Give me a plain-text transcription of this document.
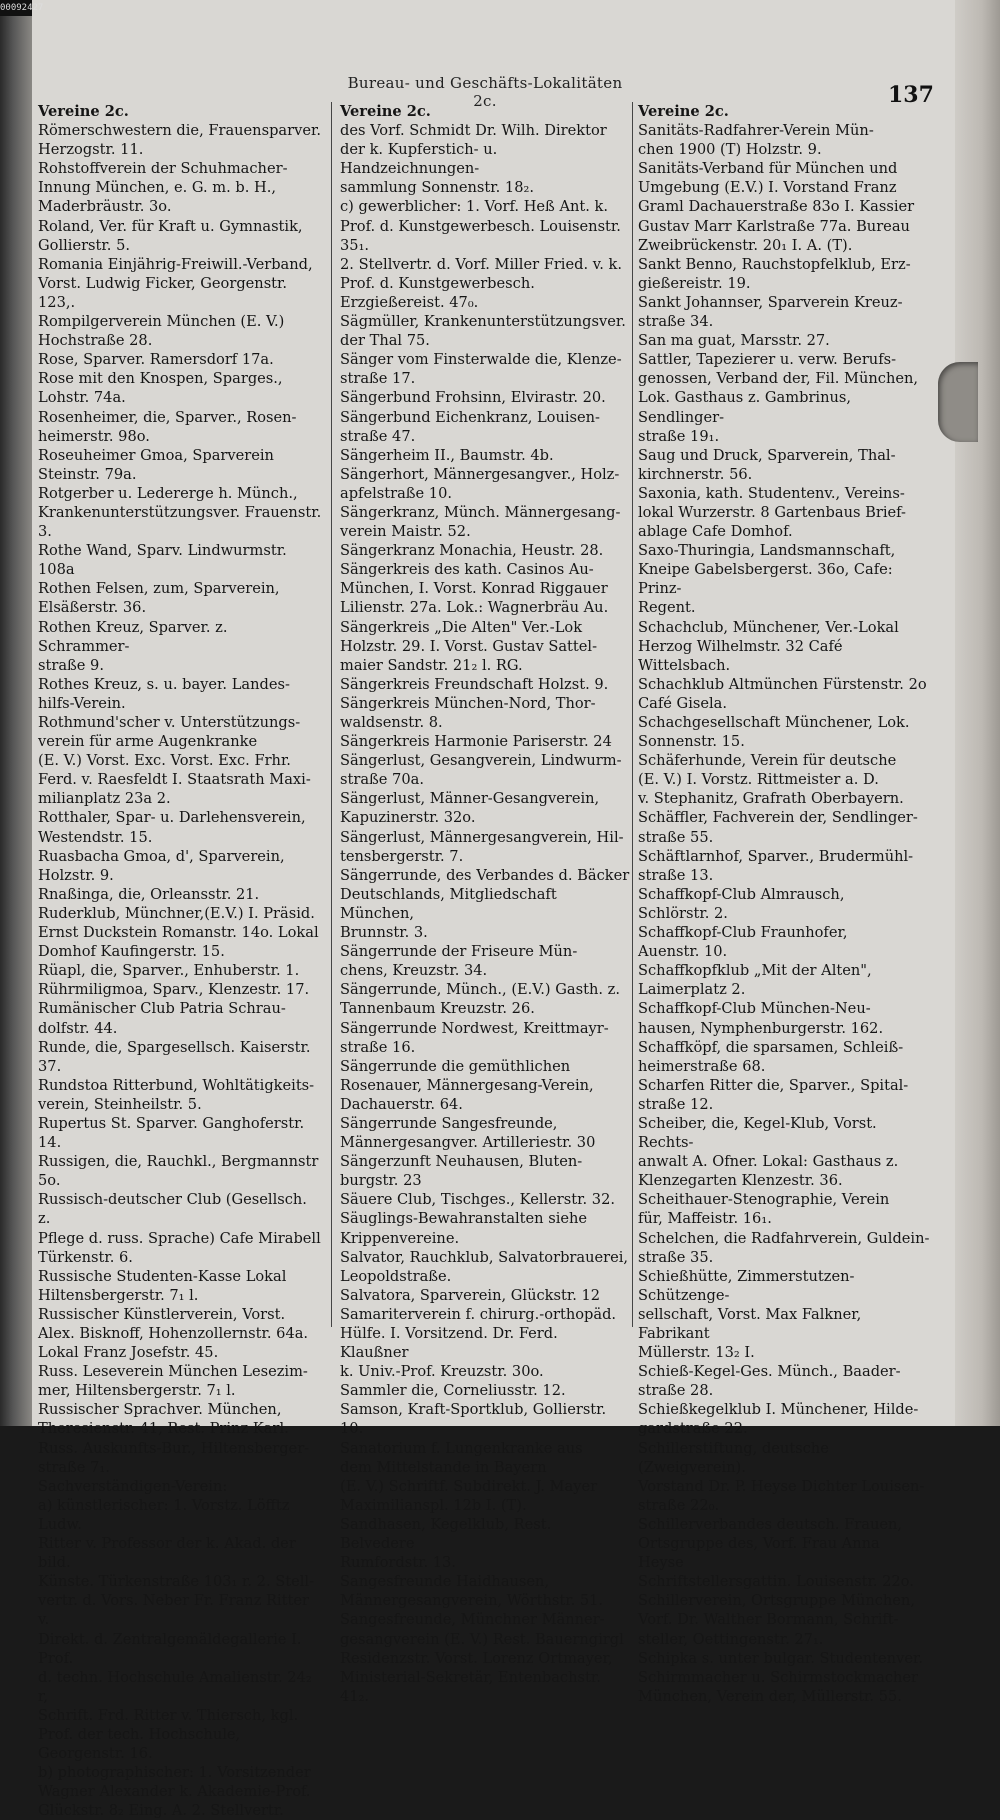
00092427
Bureau- und Geschäfts-Lokalitäten 2c.	137
Vereine 2c.
Römerschwestern die, Frauensparver.
Herzogstr. 11.
Rohstoffverein der Schuhmacher-
Innung München, e. G. m. b. H.,
Maderbräustr. 3o.
Roland, Ver. für Kraft u. Gymnastik,
Gollierstr. 5.
Romania Einjährig-Freiwill.-Verband,
Vorst. Ludwig Ficker, Georgenstr. 123,.
Rompilgerverein München (E. V.)
Hochstraße 28.
Rose, Sparver. Ramersdorf 17a.
Rose mit den Knospen, Sparges.,
Lohstr. 74a.
Rosenheimer, die, Sparver., Rosen-
heimerstr. 98o.
Roseuheimer Gmoa, Sparverein
Steinstr. 79a.
Rotgerber u. Ledererge h. Münch.,
Krankenunterstützungsver. Frauenstr. 3.
Rothe Wand, Sparv. Lindwurmstr. 108a
Rothen Felsen, zum, Sparverein,
Elsäßerstr. 36.
Rothen Kreuz, Sparver. z. Schrammer-
straße 9.
Rothes Kreuz, s. u. bayer. Landes-
hilfs-Verein.
Rothmund'scher v. Unterstützungs-
verein für arme Augenkranke
(E. V.) Vorst. Exc. Vorst. Exc. Frhr.
Ferd. v. Raesfeldt I. Staatsrath Maxi-
milianplatz 23a 2.
Rotthaler, Spar- u. Darlehensverein,
Westendstr. 15.
Ruasbacha Gmoa, d', Sparverein,
Holzstr. 9.
Rnaßinga, die, Orleansstr. 21.
Ruderklub, Münchner,(E.V.) I. Präsid.
Ernst Duckstein Romanstr. 14o. Lokal
Domhof Kaufingerstr. 15.
Rüapl, die, Sparver., Enhuberstr. 1.
Rührmiligmoa, Sparv., Klenzestr. 17.
Rumänischer Club Patria Schrau-
dolfstr. 44.
Runde, die, Spargesellsch. Kaiserstr. 37.
Rundstoa Ritterbund, Wohltätigkeits-
verein, Steinheilstr. 5.
Rupertus St. Sparver. Ganghoferstr. 14.
Russigen, die, Rauchkl., Bergmannstr 5o.
Russisch-deutscher Club (Gesellsch. z.
Pflege d. russ. Sprache) Cafe Mirabell
Türkenstr. 6.
Russische Studenten-Kasse Lokal
Hiltensbergerstr. 7₁ l.
Russischer Künstlerverein, Vorst.
Alex. Bisknoff, Hohenzollernstr. 64a.
Lokal Franz Josefstr. 45.
Russ. Leseverein München Lesezim-
mer, Hiltensbergerstr. 7₁ l.
Russischer Sprachver. München,
Theresienstr. 41, Rest. Prinz Karl.
Russ. Auskunfts-Bur., Hiltensberger-
straße 7₁.
Sachverständigen-Verein:
a) künstlerischer: 1. Vorstz. Löfftz Ludw.
Ritter v. Professor der k. Akad. der bild.
Künste. Türkenstraße 103₁ r. 2. Stell-
vertr. d. Vors. Neber Fr. Franz Ritter v.
Direkt. d. Zentralgemäldegallerie I. Prof.
d. techn. Hochschule Amalienstr. 24₂ r,
Schrift. Frd. Ritter v. Thiersch, kgl.
Prof. der tech. Hochschule, Georgenstr. 16.
b) photographischer: 1. Vorsitzender
Wagner Alexander k. Akademie-Prof.
Glückstr. 8₂ Eing. A. 2. Stellvertr.
Vereine 2c.
des Vorf. Schmidt Dr. Wilh. Direktor
der k. Kupferstich- u. Handzeichnungen-
sammlung Sonnenstr. 18₂.
c) gewerblicher: 1. Vorf. Heß Ant. k.
Prof. d. Kunstgewerbesch. Louisenstr. 35₁.
2. Stellvertr. d. Vorf. Miller Fried. v. k.
Prof. d. Kunstgewerbesch. Erzgießereist. 47₀.
Sägmüller, Krankenunterstützungsver.
der Thal 75.
Sänger vom Finsterwalde die, Klenze-
straße 17.
Sängerbund Frohsinn, Elvirastr. 20.
Sängerbund Eichenkranz, Louisen-
straße 47.
Sängerheim II., Baumstr. 4b.
Sängerhort, Männergesangver., Holz-
apfelstraße 10.
Sängerkranz, Münch. Männergesang-
verein Maistr. 52.
Sängerkranz Monachia, Heustr. 28.
Sängerkreis des kath. Casinos Au-
München, I. Vorst. Konrad Riggauer
Lilienstr. 27a. Lok.: Wagnerbräu Au.
Sängerkreis „Die Alten" Ver.-Lok
Holzstr. 29. I. Vorst. Gustav Sattel-
maier Sandstr. 21₂ l. RG.
Sängerkreis Freundschaft Holzst. 9.
Sängerkreis München-Nord, Thor-
waldsenstr. 8.
Sängerkreis Harmonie Pariserstr. 24
Sängerlust, Gesangverein, Lindwurm-
straße 70a.
Sängerlust, Männer-Gesangverein,
Kapuzinerstr. 32o.
Sängerlust, Männergesangverein, Hil-
tensbergerstr. 7.
Sängerrunde, des Verbandes d. Bäcker
Deutschlands, Mitgliedschaft München,
Brunnstr. 3.
Sängerrunde der Friseure Mün-
chens, Kreuzstr. 34.
Sängerrunde, Münch., (E.V.) Gasth. z.
Tannenbaum Kreuzstr. 26.
Sängerrunde Nordwest, Kreittmayr-
straße 16.
Sängerrunde die gemüthlichen
Rosenauer, Männergesang-Verein,
Dachauerstr. 64.
Sängerrunde Sangesfreunde,
Männergesangver. Artilleriestr. 30
Sängerzunft Neuhausen, Bluten-
burgstr. 23
Säuere Club, Tischges., Kellerstr. 32.
Säuglings-Bewahranstalten siehe
Krippenvereine.
Salvator, Rauchklub, Salvatorbrauerei,
Leopoldstraße.
Salvatora, Sparverein, Glückstr. 12
Samariterverein f. chirurg.-orthopäd.
Hülfe. I. Vorsitzend. Dr. Ferd. Klaußner
k. Univ.-Prof. Kreuzstr. 30o.
Sammler die, Corneliusstr. 12.
Samson, Kraft-Sportklub, Gollierstr. 10.
Sanatorium f. Lungenkranke aus
dem Mittelstande in Bayern
(E. V.) Schriftf. Subdirekt. J. Mayer
Maximilianspl. 12b I. (T).
Sandhasen, Kegelklub, Rest. Belvedere
Rumfordstr. 13.
Sangesfreunde Haidhausen,
Männergesangverein, Wörthstr. 51.
Sangesfreunde, Münchner Männer-
gesangverein (E. V.) Rest. Bauerngirgl
Residenzstr. Vorst. Lorenz Ortmayer,
Ministerial-Sekretär, Entenbachstr. 41₂.
Vereine 2c.
Sanitäts-Radfahrer-Verein Mün-
chen 1900 (T) Holzstr. 9.
Sanitäts-Verband für München und
Umgebung (E.V.) I. Vorstand Franz
Graml Dachauerstraße 83o I. Kassier
Gustav Marr Karlstraße 77a. Bureau
Zweibrückenstr. 20₁ I. A. (T).
Sankt Benno, Rauchstopfelklub, Erz-
gießereistr. 19.
Sankt Johannser, Sparverein Kreuz-
straße 34.
San ma guat, Marsstr. 27.
Sattler, Tapezierer u. verw. Berufs-
genossen, Verband der, Fil. München,
Lok. Gasthaus z. Gambrinus, Sendlinger-
straße 19₁.
Saug und Druck, Sparverein, Thal-
kirchnerstr. 56.
Saxonia, kath. Studentenv., Vereins-
lokal Wurzerstr. 8 Gartenbaus Brief-
ablage Cafe Domhof.
Saxo-Thuringia, Landsmannschaft,
Kneipe Gabelsbergerst. 36o, Cafe: Prinz-
Regent.
Schachclub, Münchener, Ver.-Lokal
Herzog Wilhelmstr. 32 Café Wittelsbach.
Schachklub Altmünchen Fürstenstr. 2o
Café Gisela.
Schachgesellschaft Münchener, Lok.
Sonnenstr. 15.
Schäferhunde, Verein für deutsche
(E. V.) I. Vorstz. Rittmeister a. D.
v. Stephanitz, Grafrath Oberbayern.
Schäffler, Fachverein der, Sendlinger-
straße 55.
Schäftlarnhof, Sparver., Brudermühl-
straße 13.
Schaffkopf-Club Almrausch,
Schlörstr. 2.
Schaffkopf-Club Fraunhofer,
Auenstr. 10.
Schaffkopfklub „Mit der Alten",
Laimerplatz 2.
Schaffkopf-Club München-Neu-
hausen, Nymphenburgerstr. 162.
Schaffköpf, die sparsamen, Schleiß-
heimerstraße 68.
Scharfen Ritter die, Sparver., Spital-
straße 12.
Scheiber, die, Kegel-Klub, Vorst. Rechts-
anwalt A. Ofner. Lokal: Gasthaus z.
Klenzegarten Klenzestr. 36.
Scheithauer-Stenographie, Verein
für, Maffeistr. 16₁.
Schelchen, die Radfahrverein, Guldein-
straße 35.
Schießhütte, Zimmerstutzen-Schützenge-
sellschaft, Vorst. Max Falkner, Fabrikant
Müllerstr. 13₂ I.
Schieß-Kegel-Ges. Münch., Baader-
straße 28.
Schießkegelklub I. Münchener, Hilde-
gardstraße 22.
Schillerstiftung, deutsche (Zweigverein).
Vorstand Dr. P. Heyse Dichter Louisen-
straße 22₀.
Schillerverbandes deutsch. Frauen,
Ortsgruppe des, Vorf. Frau Anna Heyse
Schriftstellersgattin. Louisenstr. 22o.
Schillerverein, Ortsgruppe München,
Vorf. Dr. Walther Bormann, Schrift-
steller, Oettingenstr. 27₁.
Schipka s. unter bulgar. Studentenver.
Schirmmacher u. Schirmstockmacher
München, Verein der, Müllerstr. 55.
